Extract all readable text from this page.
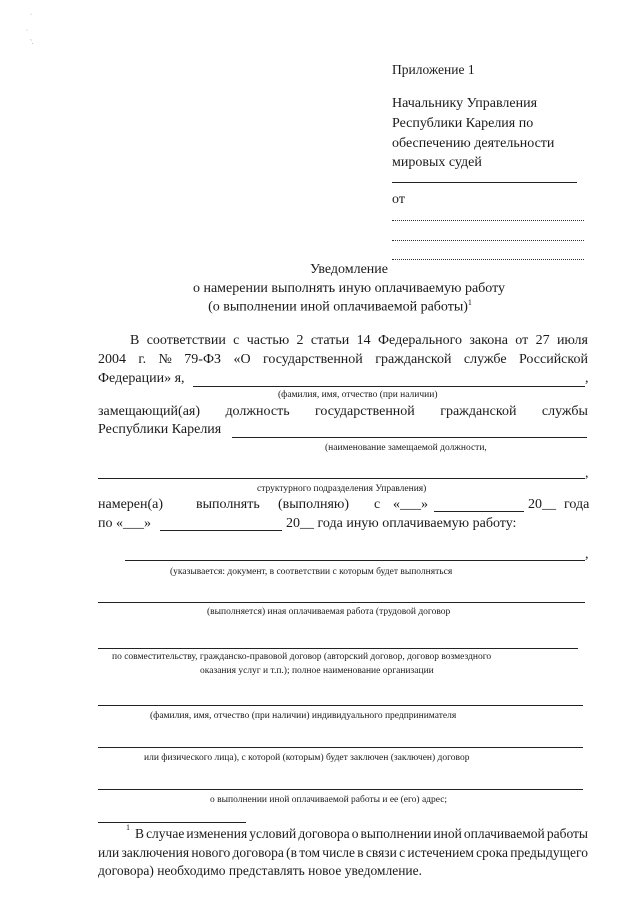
·
·
`.
Приложение 1
Начальнику Управления
Республики Карелия по
обеспечению деятельности
мировых судей
от
Уведомление
о намерении выполнять иную оплачиваемую работу
(о выполнении иной оплачиваемой работы)$^1$
В соответствии с частью 2 статьи 14 Федерального закона от 27 июля
2004 г. № 79-ФЗ «О государственной гражданской службе Российской
Федерации» я,	,
(фамилия, имя, отчество (при наличии)
замещающий(ая) должность государственной гражданской службы
Республики Карелия
(наименование замещаемой должности,
,
структурного подразделения Управления)
намерен(а) выполнять (выполняю) с «___»	20__ года
по «___»	20__ года иную оплачиваемую работу:
,
(указывается: документ, в соответствии с которым будет выполняться
(выполняется) иная оплачиваемая работа (трудовой договор
по совместительству, гражданско-правовой договор (авторский договор, договор возмездного
оказания услуг и т.п.); полное наименование организации
(фамилия, имя, отчество (при наличии) индивидуального предпринимателя
или физического лица), с которой (которым) будет заключен (заключен) договор
о выполнении иной оплачиваемой работы и ее (его) адрес;
1 В случае изменения условий договора о выполнении иной оплачиваемой работы
или заключения нового договора (в том числе в связи с истечением срока предыдущего
договора) необходимо представлять новое уведомление.
